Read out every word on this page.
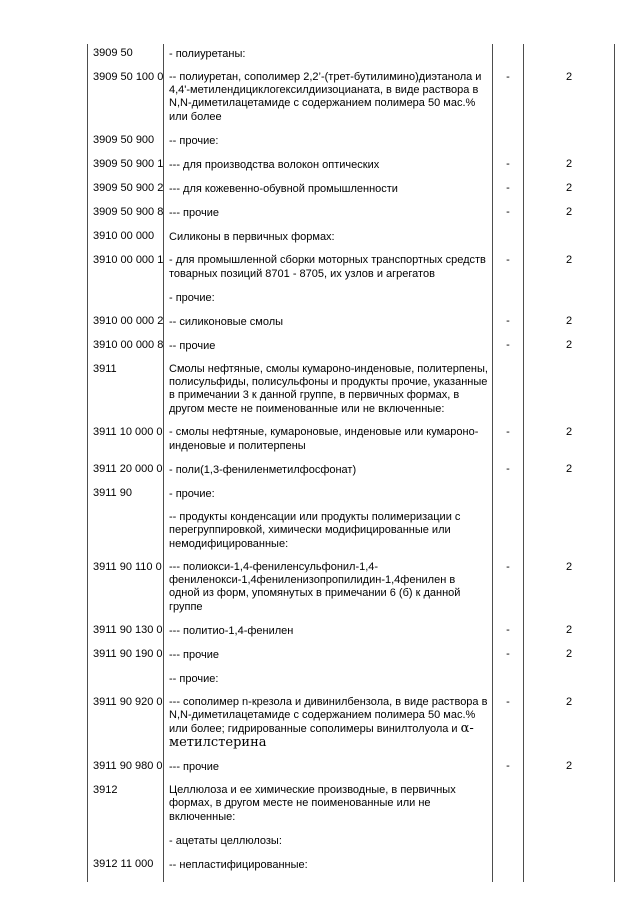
3909 50	- полиуретаны:		
3909 50 100 0	-- полиуретан, сополимер 2,2’-(трет-бутилимино)диэтанола и 4,4'-метилендициклогексилдиизоцианата, в виде раствора в N,N-диметилацетамиде с содержанием полимера 50 мас.% или более	-	2
3909 50 900	-- прочие:		
3909 50 900 1	--- для производства волокон оптических	-	2
3909 50 900 2	--- для кожевенно-обувной промышленности	-	2
3909 50 900 8	--- прочие	-	2
3910 00 000	Силиконы в первичных формах:		
3910 00 000 1	- для промышленной сборки моторных транспортных средств товарных позиций 8701 - 8705, их узлов и агрегатов	-	2
	- прочие:		
3910 00 000 2	-- силиконовые смолы	-	2
3910 00 000 8	-- прочие	-	2
3911	Смолы нефтяные, смолы кумароно-инденовые, политерпены, полисульфиды, полисульфоны и продукты прочие, указанные в примечании 3 к данной группе, в первичных формах, в другом месте не поименованные или не включенные:		
3911 10 000 0	- смолы нефтяные, кумароновые, инденовые или кумароно-инденовые и политерпены	-	2
3911 20 000 0	- поли(1,3-фениленметилфосфонат)	-	2
3911 90	- прочие:		
	-- продукты конденсации или продукты полимеризации с перегруппировкой, химически модифицированные или немодифицированные:		
3911 90 110 0	--- полиокси-1,4-фениленсульфонил-1,4-фениленокси-1,4фениленизопропилидин-1,4фенилен в одной из форм, упомянутых в примечании 6 (б) к данной группе	-	2
3911 90 130 0	--- политио-1,4-фенилен	-	2
3911 90 190 0	--- прочие	-	2
	-- прочие:		
3911 90 920 0	--- сополимер n-крезола и дивинилбензола, в виде раствора в N,N-диметилацетамиде с содержанием полимера 50 мас.% или более; гидрированные сополимеры винилтолуола и α-метилстерина	-	2
3911 90 980 0	--- прочие	-	2
3912	Целлюлоза и ее химические производные, в первичных формах, в другом месте не поименованные или не включенные:		
	- ацетаты целлюлозы:		
3912 11 000	-- непластифицированные:		
